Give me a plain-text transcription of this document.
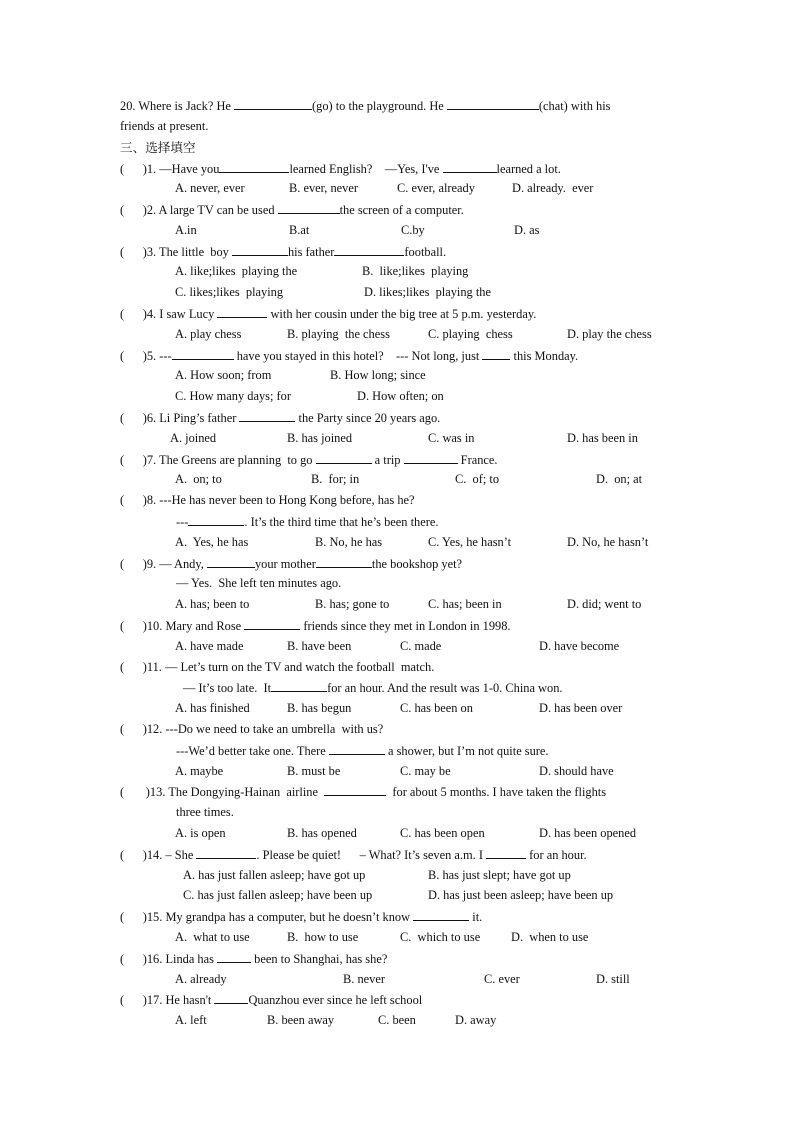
20. Where is Jack? He	(go) to the playground. He	(chat) with his
friends at present.
三、选择填空
(      )1. —Have you	learned English?    —Yes, I've	learned a lot.
A. never, ever	B. ever, never	C. ever, already	D. already.  ever
(      )2. A large TV can be used	the screen of a computer.
A.in	B.at	C.by	D. as
(      )3. The little  boy	his father	football.
A. like;likes  playing the	B.  like;likes  playing
C. likes;likes  playing	D. likes;likes  playing the
(      )4. I saw Lucy	with her cousin under the big tree at 5 p.m. yesterday.
A. play chess	B. playing  the chess	C. playing  chess	D. play the chess
(      )5. ---	have you stayed in this hotel?    --- Not long, just  this Monday.
A. How soon; from	B. How long; since
C. How many days; for	D. How often; on
(      )6. Li Ping’s father	the Party since 20 years ago.
A. joined	B. has joined	C. was in	D. has been in
(      )7. The Greens are planning  to go	a trip	France.
A.  on; to	B.  for; in	C.  of; to	D.  on; at
(      )8. ---He has never been to Hong Kong before, has he?
---	. It’s the third time that he’s been there.
A.  Yes, he has	B. No, he has	C. Yes, he hasn’t	D. No, he hasn’t
(      )9. — Andy,	your mother	the bookshop yet?
— Yes.  She left ten minutes ago.
A. has; been to	B. has; gone to	C. has; been in	D. did; went to
(      )10. Mary and Rose	friends since they met in London in 1998.
A. have made	B. have been	C. made	D. have become
(      )11. — Let’s turn on the TV and watch the football  match.
— It’s too late.  It	for an hour. And the result was 1-0. China won.
A. has finished	B. has begun	C. has been on	D. has been over
(      )12. ---Do we need to take an umbrella  with us?
---We’d better take one. There	a shower, but I’m not quite sure.
A. maybe	B. must be	C. may be	D. should have
(       )13. The Dongying-Hainan  airline	for about 5 months. I have taken the flights
three times.
A. is open	B. has opened	C. has been open	D. has been opened
(      )14. – She	. Please be quiet!      – What? It’s seven a.m. I	for an hour.
A. has just fallen asleep; have got up	B. has just slept; have got up
C. has just fallen asleep; have been up	D. has just been asleep; have been up
(      )15. My grandpa has a computer, but he doesn’t know	it.
A.  what to use	B.  how to use	C.  which to use D.  when to use
(      )16. Linda has	been to Shanghai, has she?
A. already	B. never	C. ever	D. still
(      )17. He hasn't	Quanzhou ever since he left school
A. left	B. been away	C. been	D. away
